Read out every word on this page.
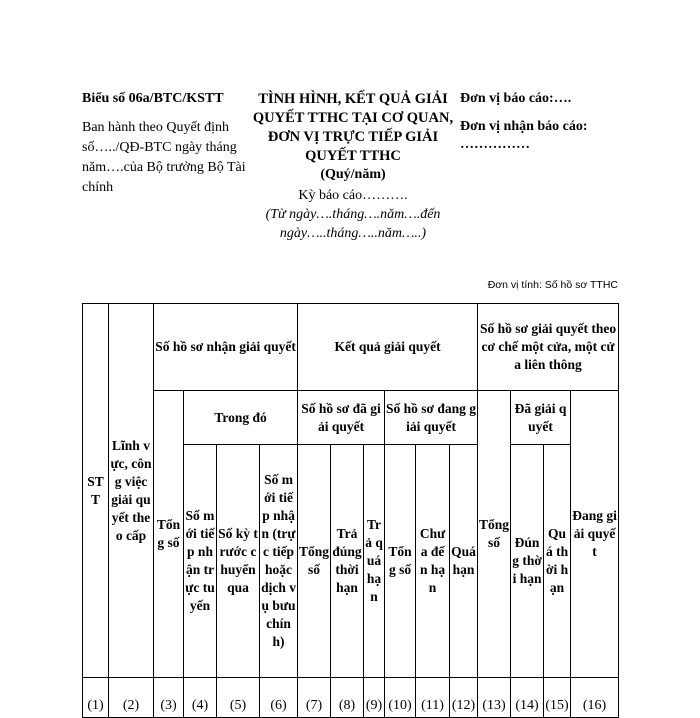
Biểu số 06a/BTC/KSTT
Ban hành theo Quyết định số…../QĐ-BTC ngày tháng năm….của Bộ trưởng Bộ Tài chính
TÌNH HÌNH, KẾT QUẢ GIẢI QUYẾT TTHC TẠI CƠ QUAN, ĐƠN VỊ TRỰC TIẾP GIẢI QUYẾT TTHC
(Quý/năm)
Kỳ báo cáo……….
(Từ ngày….tháng….năm….đến ngày…..tháng…..năm…..)
Đơn vị báo cáo:….
Đơn vị nhận báo cáo: ……………
Đơn vị tính: Số hồ sơ TTHC
STT	Lĩnh vực, công việc giải quyết theo cấp	Số hồ sơ nhận giải quyết				Kết quả giải quyết						Số hồ sơ giải quyết theo cơ chế một cửa, một cửa liên thông			
		Tổng số	Trong đó			Số hồ sơ đã giải quyết			Số hồ sơ đang giải quyết			Tổng số	Đã giải quyết		Đang giải quyết
			Số mới tiếp nhận trực tuyến	Số kỳ trước chuyển qua	Số mới tiếp nhận (trực tiếp hoặc dịch vụ bưu chính)	Tổng số	Trả đúng thời hạn	Trả quá hạn	Tổng số	Chưa đến hạn	Quá hạn		Đúng thời hạn	Quá thời hạn	
(1)	(2)	(3)	(4)	(5)	(6)	(7)	(8)	(9)	(10)	(11)	(12)	(13)	(14)	(15)	(16)
